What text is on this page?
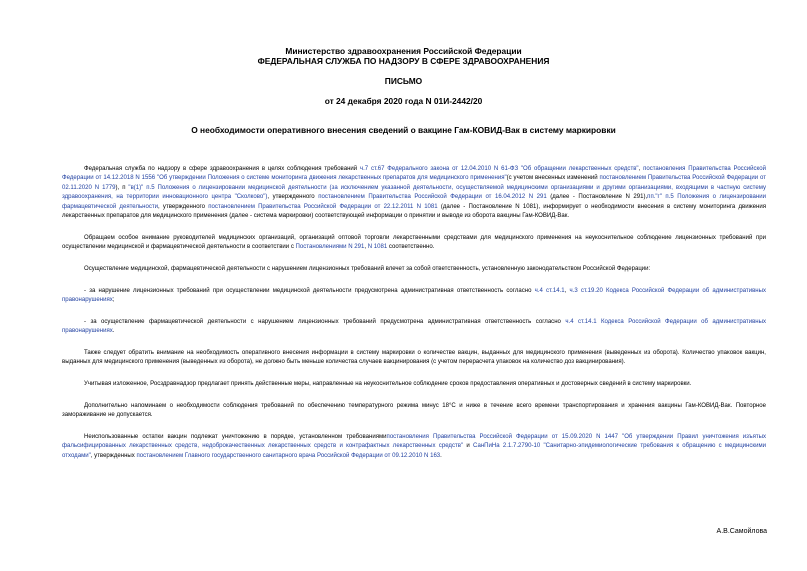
Министерство здравоохранения Российской Федерации
ФЕДЕРАЛЬНАЯ СЛУЖБА ПО НАДЗОРУ В СФЕРЕ ЗДРАВООХРАНЕНИЯ
ПИСЬМО
от 24 декабря 2020 года N 01И-2442/20
О необходимости оперативного внесения сведений о вакцине Гам-КОВИД-Вак в систему маркировки

Федеральная служба по надзору в сфере здравоохранения в целях соблюдения требований ч.7 ст.67 Федерального закона от 12.04.2010 N 61-ФЗ "Об обращении лекарственных средств", постановления Правительства Российской Федерации от 14.12.2018 N 1556 "Об утверждении Положения о системе мониторинга движения лекарственных препаратов для медицинского применения"(с учетом внесенных изменений постановлением Правительства Российской Федерации от 02.11.2020 N 1779), п "в(1)" п.5 Положения о лицензировании медицинской деятельности (за исключением указанной деятельности, осуществляемой медицинскими организациями и другими организациями, входящими в частную систему здравоохранения, на территории инновационного центра "Сколково"), утвержденного постановлением Правительства Российской Федерации от 16.04.2012 N 291 (далее - Постановление N 291),пп."г" п.5 Положения о лицензировании фармацевтической деятельности, утвержденного постановлением Правительства Российской Федерации от 22.12.2011 N 1081 (далее - Постановление N 1081), информирует о необходимости внесения в систему мониторинга движения лекарственных препаратов для медицинского применения (далее - система маркировки) соответствующей информации о принятии и выводе из оборота вакцины Гам-КОВИД-Вак.

Обращаем особое внимание руководителей медицинских организаций, организаций оптовой торговли лекарственными средствами для медицинского применения на неукоснительное соблюдение лицензионных требований при осуществлении медицинской и фармацевтической деятельности в соответствии с Постановлениями N 291, N 1081 соответственно.

Осуществление медицинской, фармацевтической деятельности с нарушением лицензионных требований влечет за собой ответственность, установленную законодательством Российской Федерации:

- за нарушение лицензионных требований при осуществлении медицинской деятельности предусмотрена административная ответственность согласно ч.4 ст.14.1, ч.3 ст.19.20 Кодекса Российской Федерации об административных правонарушениях;

- за осуществление фармацевтической деятельности с нарушением лицензионных требований предусмотрена административная ответственность согласно ч.4 ст.14.1 Кодекса Российской Федерации об административных правонарушениях.

Также следует обратить внимание на необходимость оперативного внесения информации в систему маркировки о количестве вакцин, выданных для медицинского применения (выведенных из оборота). Количество упаковок вакцин, выданных для медицинского применения (выведенных из оборота), не должно быть меньше количества случаев вакцинирования (с учетом перерасчета упаковок на количество доз вакцинирования).

Учитывая изложенное, Росздравнадзор предлагает принять действенные меры, направленные на неукоснительное соблюдение сроков предоставления оперативных и достоверных сведений в систему маркировки.

Дополнительно напоминаем о необходимости соблюдения требований по обеспечению температурного режима минус 18°С и ниже в течение всего времени транспортирования и хранения вакцины Гам-КОВИД-Вак. Повторное замораживание не допускается.

Неиспользованные остатки вакцин подлежат уничтожению в порядке, установленном требованиямипостановления Правительства Российской Федерации от 15.09.2020 N 1447 "Об утверждении Правил уничтожения изъятых фальсифицированных лекарственных средств, недоброкачественных лекарственных средств и контрафактных лекарственных средств" и СанПиНа 2.1.7.2790-10 "Санитарно-эпидемиологические требования к обращению с медицинскими отходами", утвержденных постановлением Главного государственного санитарного врача Российской Федерации от 09.12.2010 N 163.

А.В.Самойлова
